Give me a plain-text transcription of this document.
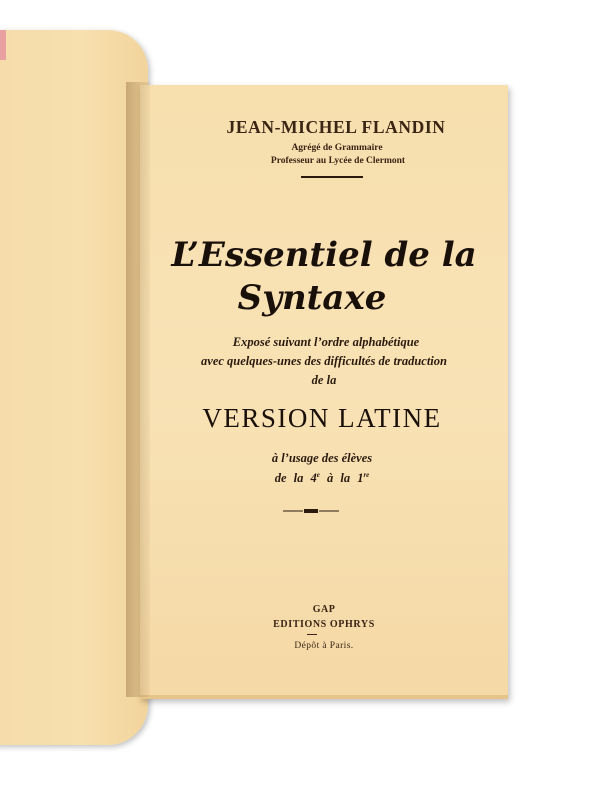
JEAN-MICHEL FLANDIN
Agrégé de Grammaire
Professeur au Lycée de Clermont
L’Essentiel de la
Syntaxe
Exposé suivant l’ordre alphabétique
avec quelques-unes des difficultés de traduction
de la
VERSION LATINE
à l’usage des élèves
de la 4e à la 1re
GAP
EDITIONS OPHRYS
Dépôt à Paris.
